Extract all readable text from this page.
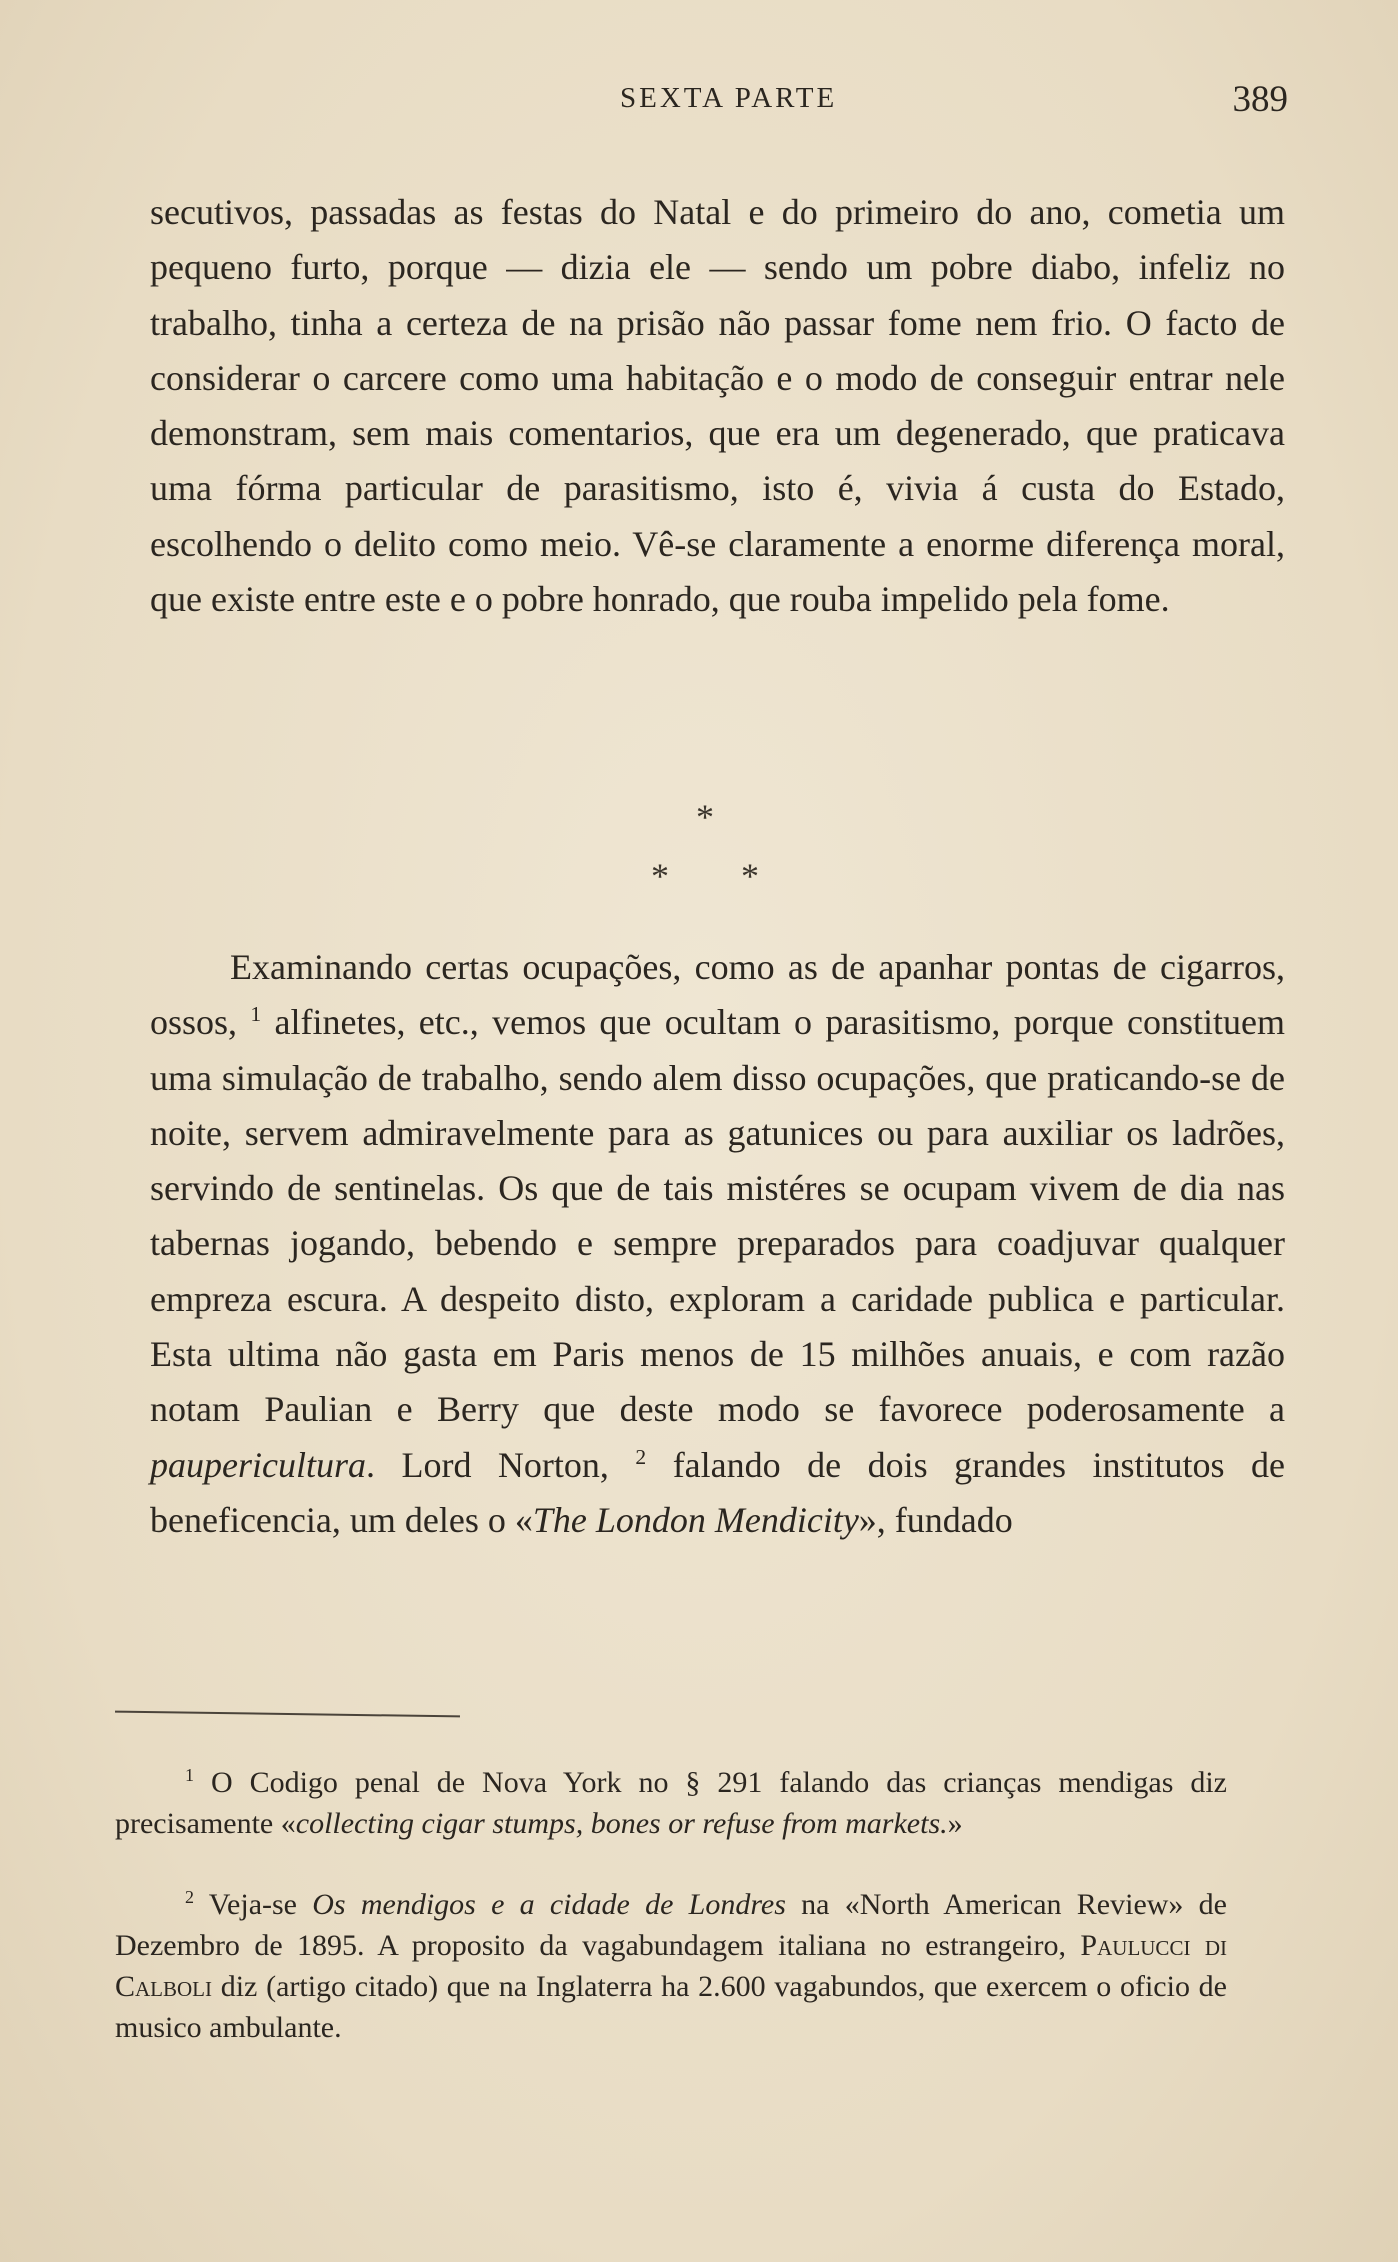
SEXTA PARTE	389

secutivos, passadas as festas do Natal e do primeiro do ano, cometia um pequeno furto, porque — dizia ele — sendo um pobre diabo, infeliz no trabalho, tinha a certeza de na prisão não passar fome nem frio. O facto de considerar o carcere como uma habitação e o modo de conseguir entrar nele demonstram, sem mais comentarios, que era um degenerado, que praticava uma fórma particular de parasitismo, isto é, vivia á custa do Estado, escolhendo o delito como meio. Vê-se claramente a enorme diferença moral, que existe entre este e o pobre honrado, que rouba impelido pela fome.

*
* *

Examinando certas ocupações, como as de apanhar pontas de cigarros, ossos, $^1$ alfinetes, etc., vemos que ocultam o parasitismo, porque constituem uma simulação de trabalho, sendo alem disso ocupações, que praticando-se de noite, servem admiravelmente para as gatunices ou para auxiliar os ladrões, servindo de sentinelas. Os que de tais mistéres se ocupam vivem de dia nas tabernas jogando, bebendo e sempre preparados para coadjuvar qualquer empreza escura. A despeito disto, exploram a caridade publica e particular. Esta ultima não gasta em Paris menos de 15 milhões anuais, e com razão notam Paulian e Berry que deste modo se favorece poderosamente a paupericultura. Lord Norton, $^2$ falando de dois grandes institutos de beneficencia, um deles o «The London Mendicity», fundado

$^1$ O Codigo penal de Nova York no § 291 falando das crianças mendigas diz precisamente «collecting cigar stumps, bones or refuse from markets.»

$^2$ Veja-se Os mendigos e a cidade de Londres na «North American Review» de Dezembro de 1895. A proposito da vagabundagem italiana no estrangeiro, Paulucci di Calboli diz (artigo citado) que na Inglaterra ha 2.600 vagabundos, que exercem o oficio de musico ambulante.
